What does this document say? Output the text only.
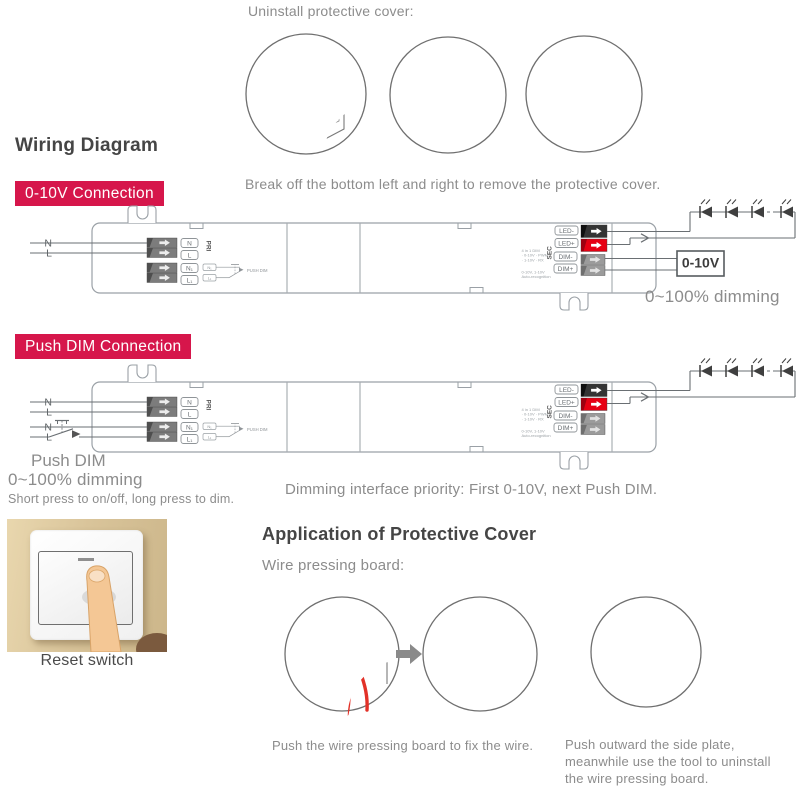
Uninstall protective cover:
Break off the bottom left and right to remove the protective cover.
Wiring Diagram
0-10V Connection
Push DIM Connection
N
L
N₁
L₁
PRI
N₁
L₁
PUSH DIM
SEC
LED-
LED+
DIM-
DIM+
4 in 1 DIM
· 0-10V · PWM
· 1-10V · RX
0-10V, 1-10V
Auto-recognition
N
L
0-10V
N
L
N₁
L₁
PRI
N₁
L₁
PUSH DIM
SEC
LED-
LED+
DIM-
DIM+
4 in 1 DIM
· 0-10V · PWM
· 1-10V · RX
0-10V, 1-10V
Auto-recognition
N
L
N
L
Push DIM
0~100% dimming
0~100% dimming
Short press to on/off, long press to dim.
Dimming interface priority: First 0-10V, next Push DIM.
Reset switch
Application of Protective Cover
Wire pressing board:
Push the wire pressing board to fix the wire. Push outward the side plate,
meanwhile use the tool to uninstall
the wire pressing board.
